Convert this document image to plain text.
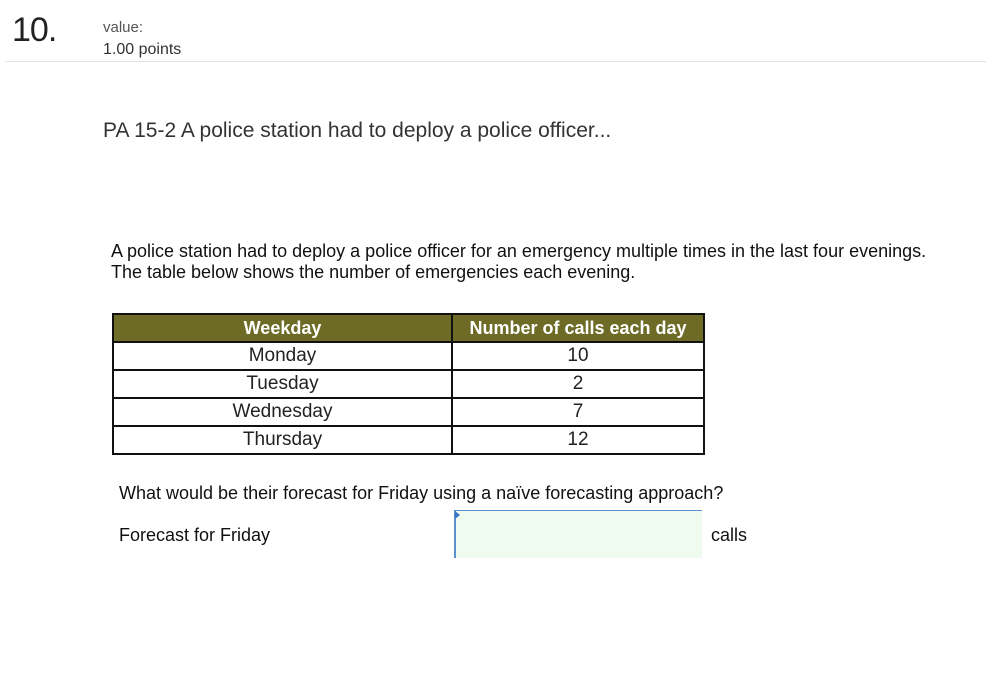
10.	value:
1.00 points
PA 15-2 A police station had to deploy a police officer...
A police station had to deploy a police officer for an emergency multiple times in the last four evenings. The table below shows the number of emergencies each evening.
Weekday	Number of calls each day
Monday	10
Tuesday	2
Wednesday	7
Thursday	12
What would be their forecast for Friday using a naïve forecasting approach?
Forecast for Friday	calls
